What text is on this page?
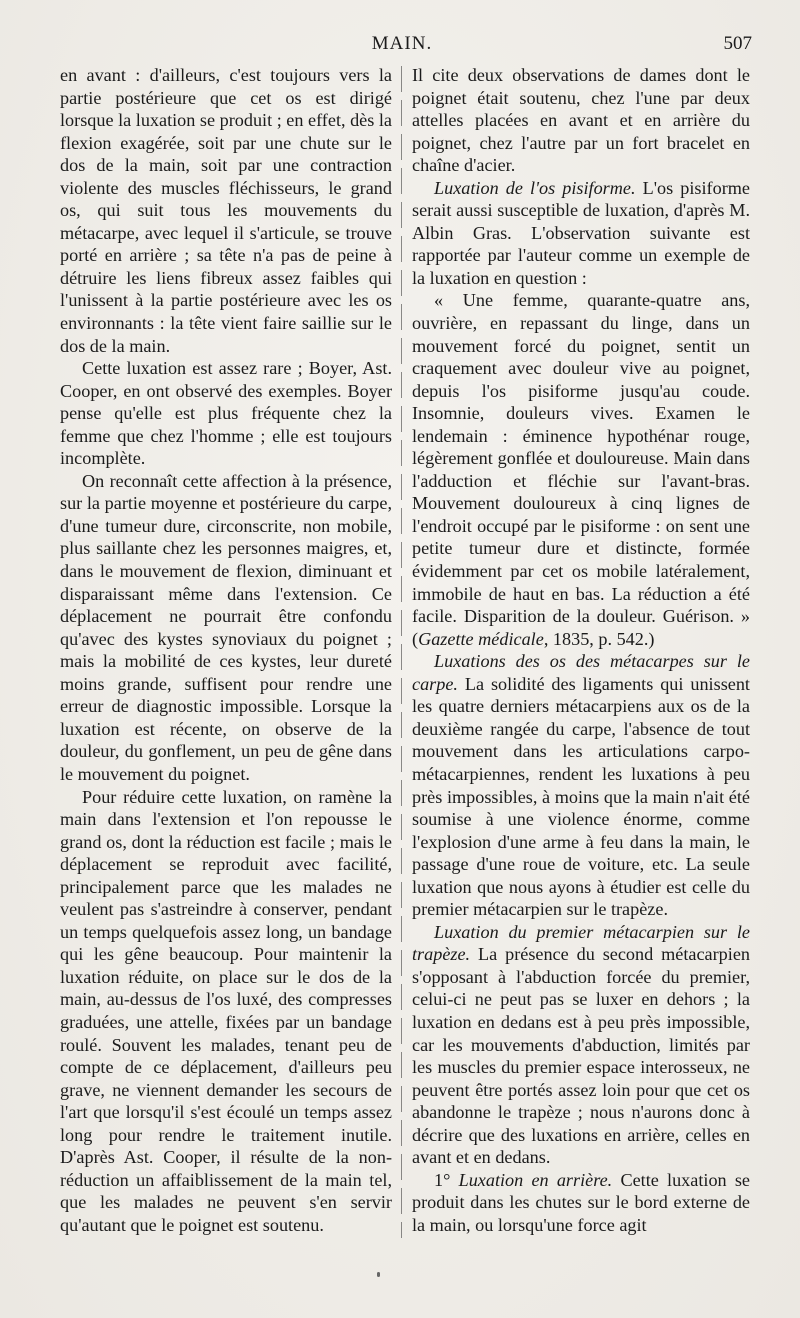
MAIN.	507

en avant : d'ailleurs, c'est toujours vers la partie postérieure que cet os est dirigé lorsque la luxation se produit ; en effet, dès la flexion exagérée, soit par une chute sur le dos de la main, soit par une contraction violente des muscles fléchisseurs, le grand os, qui suit tous les mouvements du métacarpe, avec lequel il s'articule, se trouve porté en arrière ; sa tête n'a pas de peine à détruire les liens fibreux assez faibles qui l'unissent à la partie postérieure avec les os environnants : la tête vient faire saillie sur le dos de la main.

Cette luxation est assez rare ; Boyer, Ast. Cooper, en ont observé des exemples. Boyer pense qu'elle est plus fréquente chez la femme que chez l'homme ; elle est toujours incomplète.

On reconnaît cette affection à la présence, sur la partie moyenne et postérieure du carpe, d'une tumeur dure, circonscrite, non mobile, plus saillante chez les personnes maigres, et, dans le mouvement de flexion, diminuant et disparaissant même dans l'extension. Ce déplacement ne pourrait être confondu qu'avec des kystes synoviaux du poignet ; mais la mobilité de ces kystes, leur dureté moins grande, suffisent pour rendre une erreur de diagnostic impossible. Lorsque la luxation est récente, on observe de la douleur, du gonflement, un peu de gêne dans le mouvement du poignet.

Pour réduire cette luxation, on ramène la main dans l'extension et l'on repousse le grand os, dont la réduction est facile ; mais le déplacement se reproduit avec facilité, principalement parce que les malades ne veulent pas s'astreindre à conserver, pendant un temps quelquefois assez long, un bandage qui les gêne beaucoup. Pour maintenir la luxation réduite, on place sur le dos de la main, au-dessus de l'os luxé, des compresses graduées, une attelle, fixées par un bandage roulé. Souvent les malades, tenant peu de compte de ce déplacement, d'ailleurs peu grave, ne viennent demander les secours de l'art que lorsqu'il s'est écoulé un temps assez long pour rendre le traitement inutile. D'après Ast. Cooper, il résulte de la non-réduction un affaiblissement de la main tel, que les malades ne peuvent s'en servir qu'autant que le poignet est soutenu.

Il cite deux observations de dames dont le poignet était soutenu, chez l'une par deux attelles placées en avant et en arrière du poignet, chez l'autre par un fort bracelet en chaîne d'acier.

Luxation de l'os pisiforme. L'os pisiforme serait aussi susceptible de luxation, d'après M. Albin Gras. L'observation suivante est rapportée par l'auteur comme un exemple de la luxation en question :

« Une femme, quarante-quatre ans, ouvrière, en repassant du linge, dans un mouvement forcé du poignet, sentit un craquement avec douleur vive au poignet, depuis l'os pisiforme jusqu'au coude. Insomnie, douleurs vives. Examen le lendemain : éminence hypothénar rouge, légèrement gonflée et douloureuse. Main dans l'adduction et fléchie sur l'avant-bras. Mouvement douloureux à cinq lignes de l'endroit occupé par le pisiforme : on sent une petite tumeur dure et distincte, formée évidemment par cet os mobile latéralement, immobile de haut en bas. La réduction a été facile. Disparition de la douleur. Guérison. » (Gazette médicale, 1835, p. 542.)

Luxations des os des métacarpes sur le carpe. La solidité des ligaments qui unissent les quatre derniers métacarpiens aux os de la deuxième rangée du carpe, l'absence de tout mouvement dans les articulations carpo-métacarpiennes, rendent les luxations à peu près impossibles, à moins que la main n'ait été soumise à une violence énorme, comme l'explosion d'une arme à feu dans la main, le passage d'une roue de voiture, etc. La seule luxation que nous ayons à étudier est celle du premier métacarpien sur le trapèze.

Luxation du premier métacarpien sur le trapèze. La présence du second métacarpien s'opposant à l'abduction forcée du premier, celui-ci ne peut pas se luxer en dehors ; la luxation en dedans est à peu près impossible, car les mouvements d'abduction, limités par les muscles du premier espace interosseux, ne peuvent être portés assez loin pour que cet os abandonne le trapèze ; nous n'aurons donc à décrire que des luxations en arrière, celles en avant et en dedans.

1° Luxation en arrière. Cette luxation se produit dans les chutes sur le bord externe de la main, ou lorsqu'une force agit
